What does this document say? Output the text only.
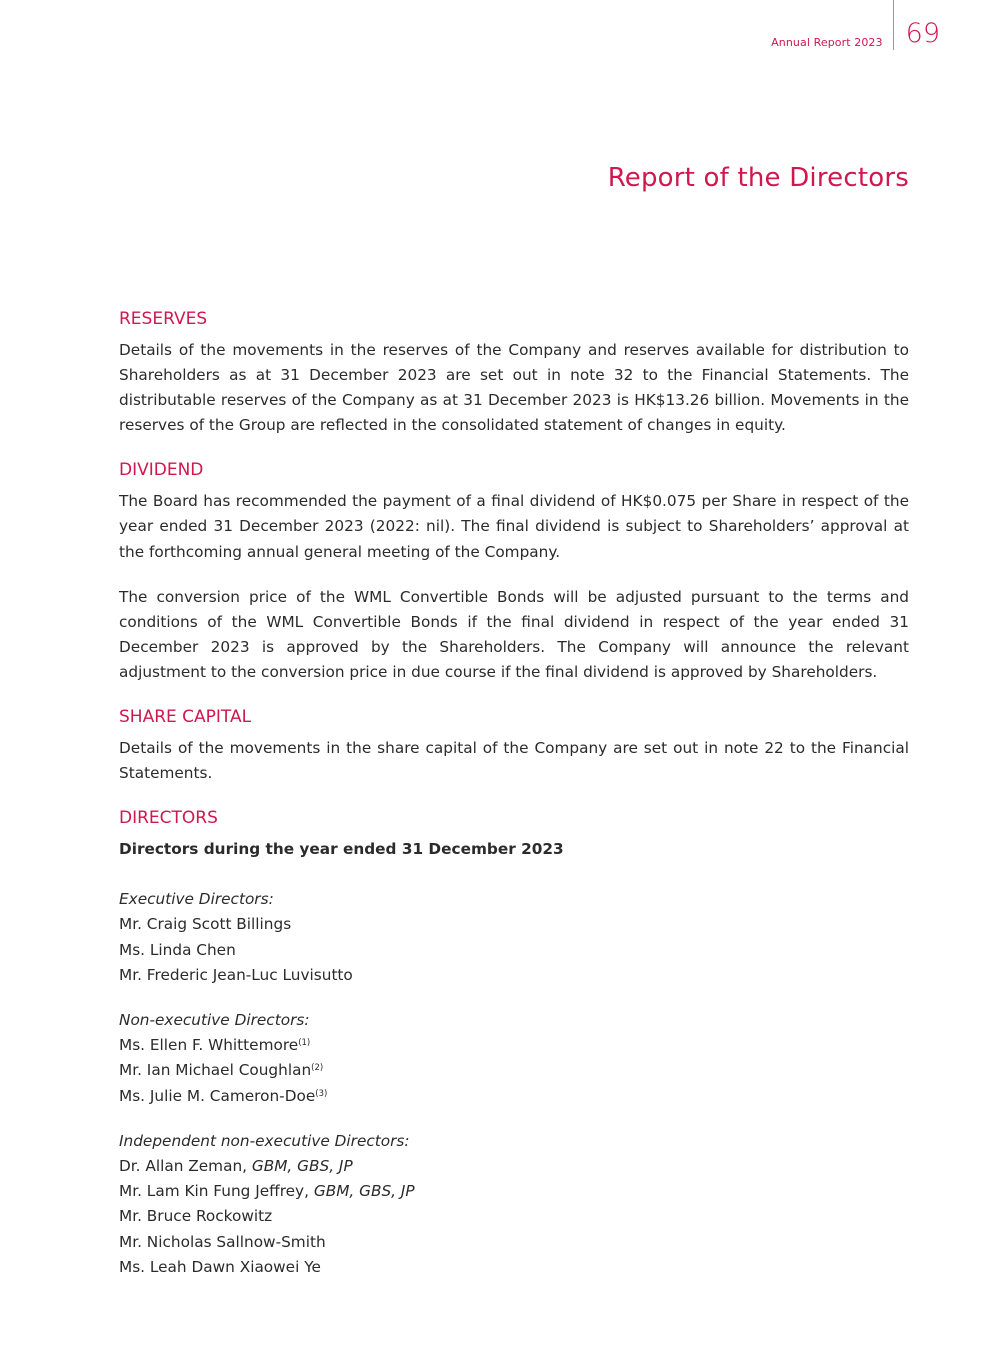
Annual Report 2023 69
Report of the Directors
RESERVES

Details of the movements in the reserves of the Company and reserves available for distribution to Shareholders as at 31 December 2023 are set out in note 32 to the Financial Statements. The distributable reserves of the Company as at 31 December 2023 is HK$13.26 billion. Movements in the reserves of the Group are reflected in the consolidated statement of changes in equity.

DIVIDEND

The Board has recommended the payment of a final dividend of HK$0.075 per Share in respect of the year ended 31 December 2023 (2022: nil). The final dividend is subject to Shareholders’ approval at the forthcoming annual general meeting of the Company.

The conversion price of the WML Convertible Bonds will be adjusted pursuant to the terms and conditions of the WML Convertible Bonds if the final dividend in respect of the year ended 31 December 2023 is approved by the Shareholders. The Company will announce the relevant adjustment to the conversion price in due course if the final dividend is approved by Shareholders.

SHARE CAPITAL

Details of the movements in the share capital of the Company are set out in note 22 to the Financial Statements.

DIRECTORS

Directors during the year ended 31 December 2023

Executive Directors:

Mr. Craig Scott Billings

Ms. Linda Chen

Mr. Frederic Jean-Luc Luvisutto

Non-executive Directors:

Ms. Ellen F. Whittemore$^{(1)}$

Mr. Ian Michael Coughlan$^{(2)}$

Ms. Julie M. Cameron-Doe$^{(3)}$

Independent non-executive Directors:

Dr. Allan Zeman, GBM, GBS, JP

Mr. Lam Kin Fung Jeffrey, GBM, GBS, JP

Mr. Bruce Rockowitz

Mr. Nicholas Sallnow-Smith

Ms. Leah Dawn Xiaowei Ye
